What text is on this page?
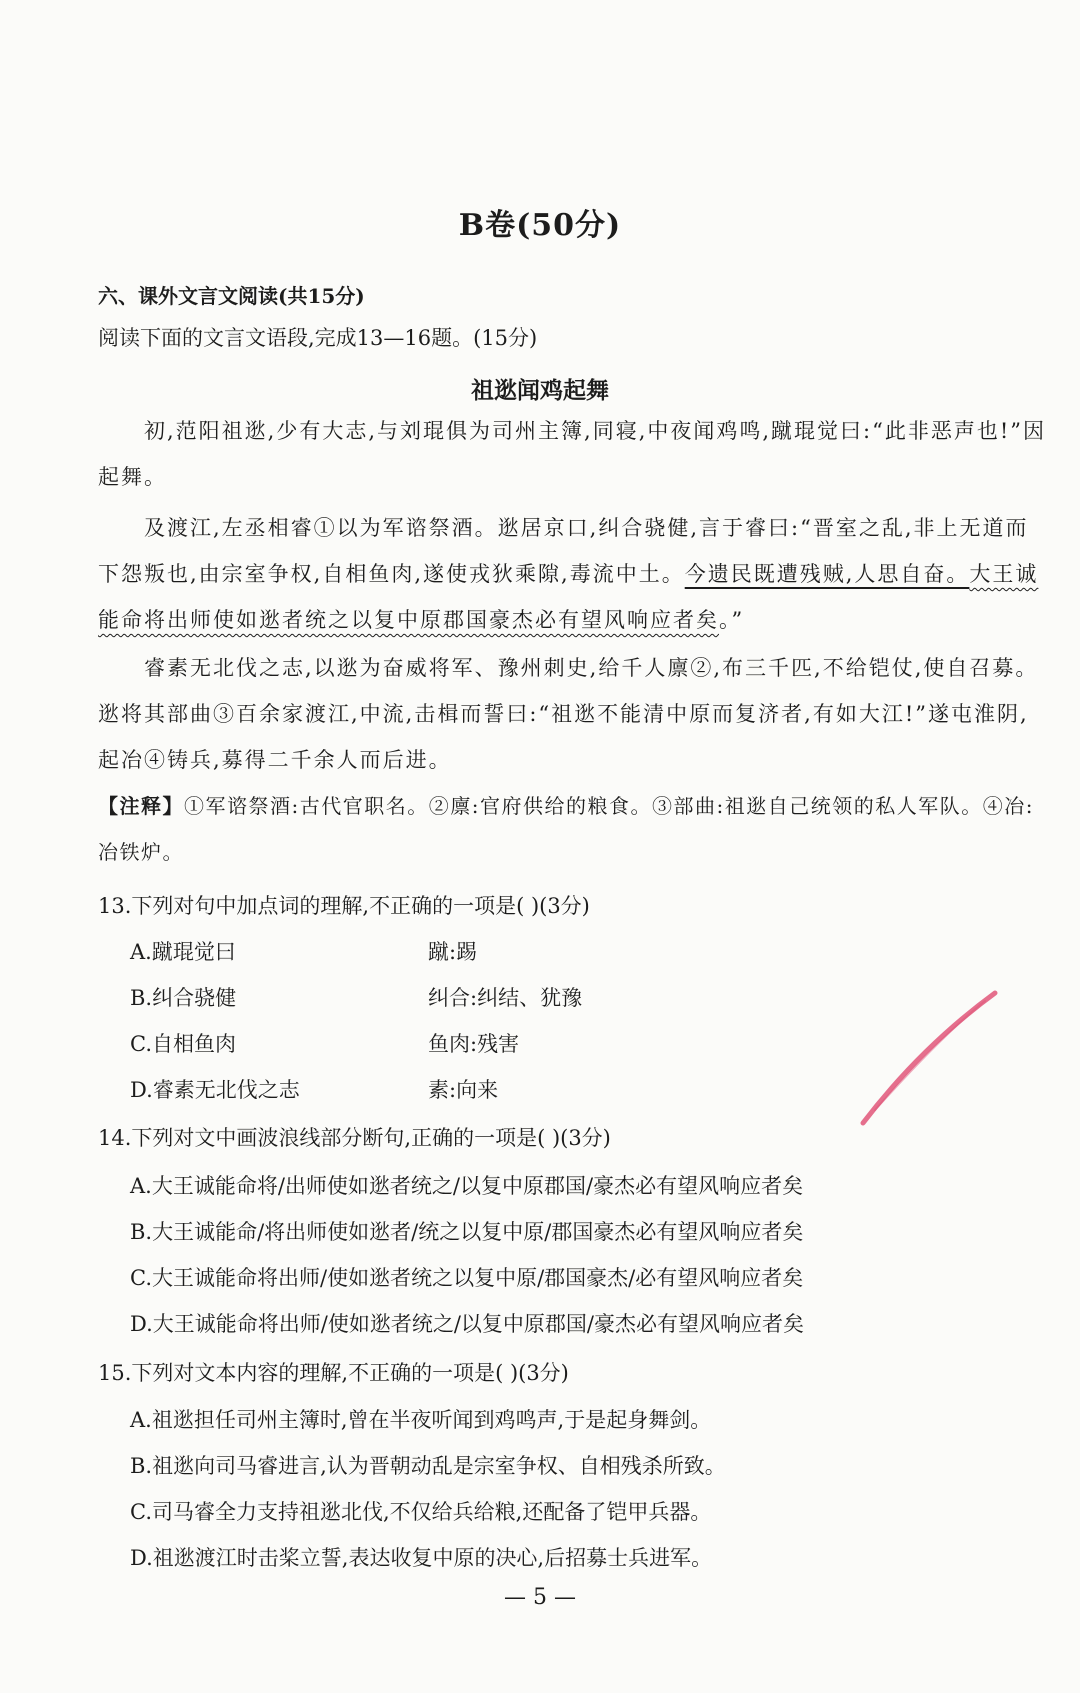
B卷(50分)
六、课外文言文阅读(共15分)
阅读下面的文言文语段,完成13—16题。(15分)
祖逖闻鸡起舞
初,范阳祖逖,少有大志,与刘琨俱为司州主簿,同寝,中夜闻鸡鸣,蹴琨觉曰:“此非恶声也!”因起舞。
及渡江,左丞相睿①以为军谘祭酒。逖居京口,纠合骁健,言于睿曰:“晋室之乱,非上无道而下怨叛也,由宗室争权,自相鱼肉,遂使戎狄乘隙,毒流中土。今遗民既遭残贼,人思自奋。大王诚能命将出师使如逖者统之以复中原郡国豪杰必有望风响应者矣。”
睿素无北伐之志,以逖为奋威将军、豫州刺史,给千人廪②,布三千匹,不给铠仗,使自召募。逖将其部曲③百余家渡江,中流,击楫而誓曰:“祖逖不能清中原而复济者,有如大江!”遂屯淮阴,起冶④铸兵,募得二千余人而后进。
【注释】①军谘祭酒:古代官职名。②廪:官府供给的粮食。③部曲:祖逖自己统领的私人军队。④冶:冶铁炉。
13.下列对句中加点词的理解,不正确的一项是( )(3分)
A.蹴琨觉曰	蹴:踢
B.纠合骁健	纠合:纠结、犹豫
C.自相鱼肉	鱼肉:残害
D.睿素无北伐之志	素:向来
14.下列对文中画波浪线部分断句,正确的一项是( )(3分)
A.大王诚能命将/出师使如逖者统之/以复中原郡国/豪杰必有望风响应者矣
B.大王诚能命/将出师使如逖者/统之以复中原/郡国豪杰必有望风响应者矣
C.大王诚能命将出师/使如逖者统之以复中原/郡国豪杰/必有望风响应者矣
D.大王诚能命将出师/使如逖者统之/以复中原郡国/豪杰必有望风响应者矣
15.下列对文本内容的理解,不正确的一项是( )(3分)
A.祖逖担任司州主簿时,曾在半夜听闻到鸡鸣声,于是起身舞剑。
B.祖逖向司马睿进言,认为晋朝动乱是宗室争权、自相残杀所致。
C.司马睿全力支持祖逖北伐,不仅给兵给粮,还配备了铠甲兵器。
D.祖逖渡江时击桨立誓,表达收复中原的决心,后招募士兵进军。
— 5 —
